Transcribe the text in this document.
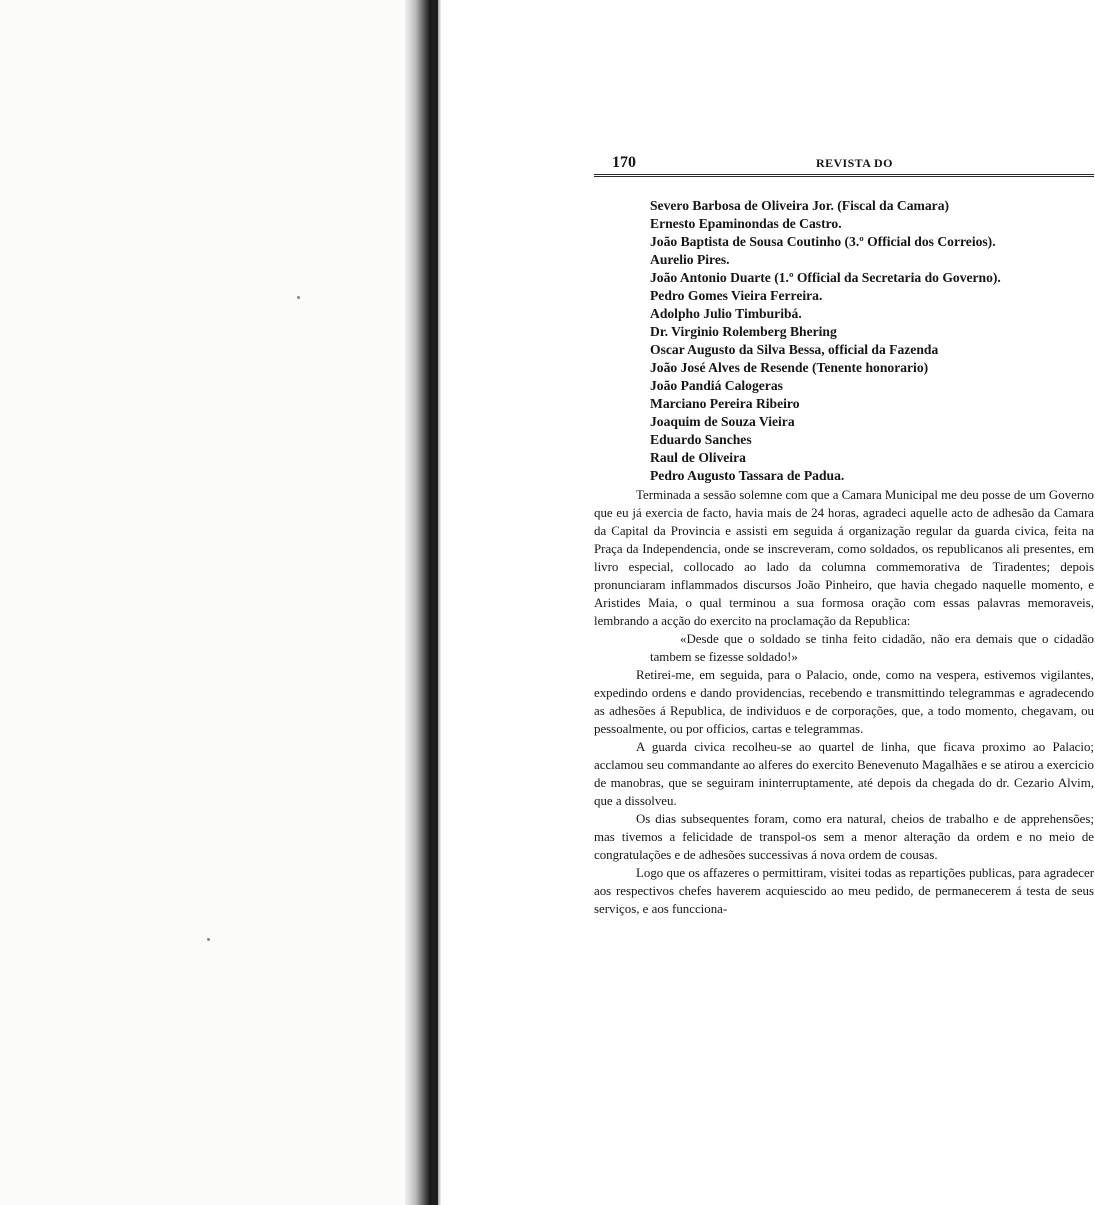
170	REVISTA DO
Severo Barbosa de Oliveira Jor. (Fiscal da Camara)
Ernesto Epaminondas de Castro.
João Baptista de Sousa Coutinho (3.º Official dos Correios).
Aurelio Pires.
João Antonio Duarte (1.º Official da Secretaria do Governo).
Pedro Gomes Vieira Ferreira.
Adolpho Julio Timburibá.
Dr. Virginio Rolemberg Bhering
Oscar Augusto da Silva Bessa, official da Fazenda
João José Alves de Resende (Tenente honorario)
João Pandiá Calogeras
Marciano Pereira Ribeiro
Joaquim de Souza Vieira
Eduardo Sanches
Raul de Oliveira
Pedro Augusto Tassara de Padua.

Terminada a sessão solemne com que a Camara Municipal me deu posse de um Governo que eu já exercia de facto, havia mais de 24 horas, agradeci aquelle acto de adhesão da Camara da Capital da Provincia e assisti em seguida á organização regular da guarda civica, feita na Praça da Independencia, onde se inscreveram, como soldados, os republicanos ali presentes, em livro especial, collocado ao lado da columna commemorativa de Tiradentes; depois pronunciaram inflammados discursos João Pinheiro, que havia chegado naquelle momento, e Aristides Maia, o qual terminou a sua formosa oração com essas palavras memoraveis, lembrando a acção do exercito na proclamação da Republica:

«Desde que o soldado se tinha feito cidadão, não era demais que o cidadão tambem se fizesse soldado!»

Retirei-me, em seguida, para o Palacio, onde, como na vespera, estivemos vigilantes, expedindo ordens e dando providencias, recebendo e transmittindo telegrammas e agradecendo as adhesões á Republica, de individuos e de corporações, que, a todo momento, chegavam, ou pessoalmente, ou por officios, cartas e telegrammas.

A guarda civica recolheu-se ao quartel de linha, que ficava proximo ao Palacio; acclamou seu commandante ao alferes do exercito Benevenuto Magalhães e se atirou a exercicio de manobras, que se seguiram ininterruptamente, até depois da chegada do dr. Cezario Alvim, que a dissolveu.

Os dias subsequentes foram, como era natural, cheios de trabalho e de apprehensões; mas tivemos a felicidade de transpol-os sem a menor alteração da ordem e no meio de congratulações e de adhesões successivas á nova ordem de cousas.

Logo que os affazeres o permittiram, visitei todas as repartições publicas, para agradecer aos respectivos chefes haverem acquiescido ao meu pedido, de permanecerem á testa de seus serviços, e aos funcciona-
